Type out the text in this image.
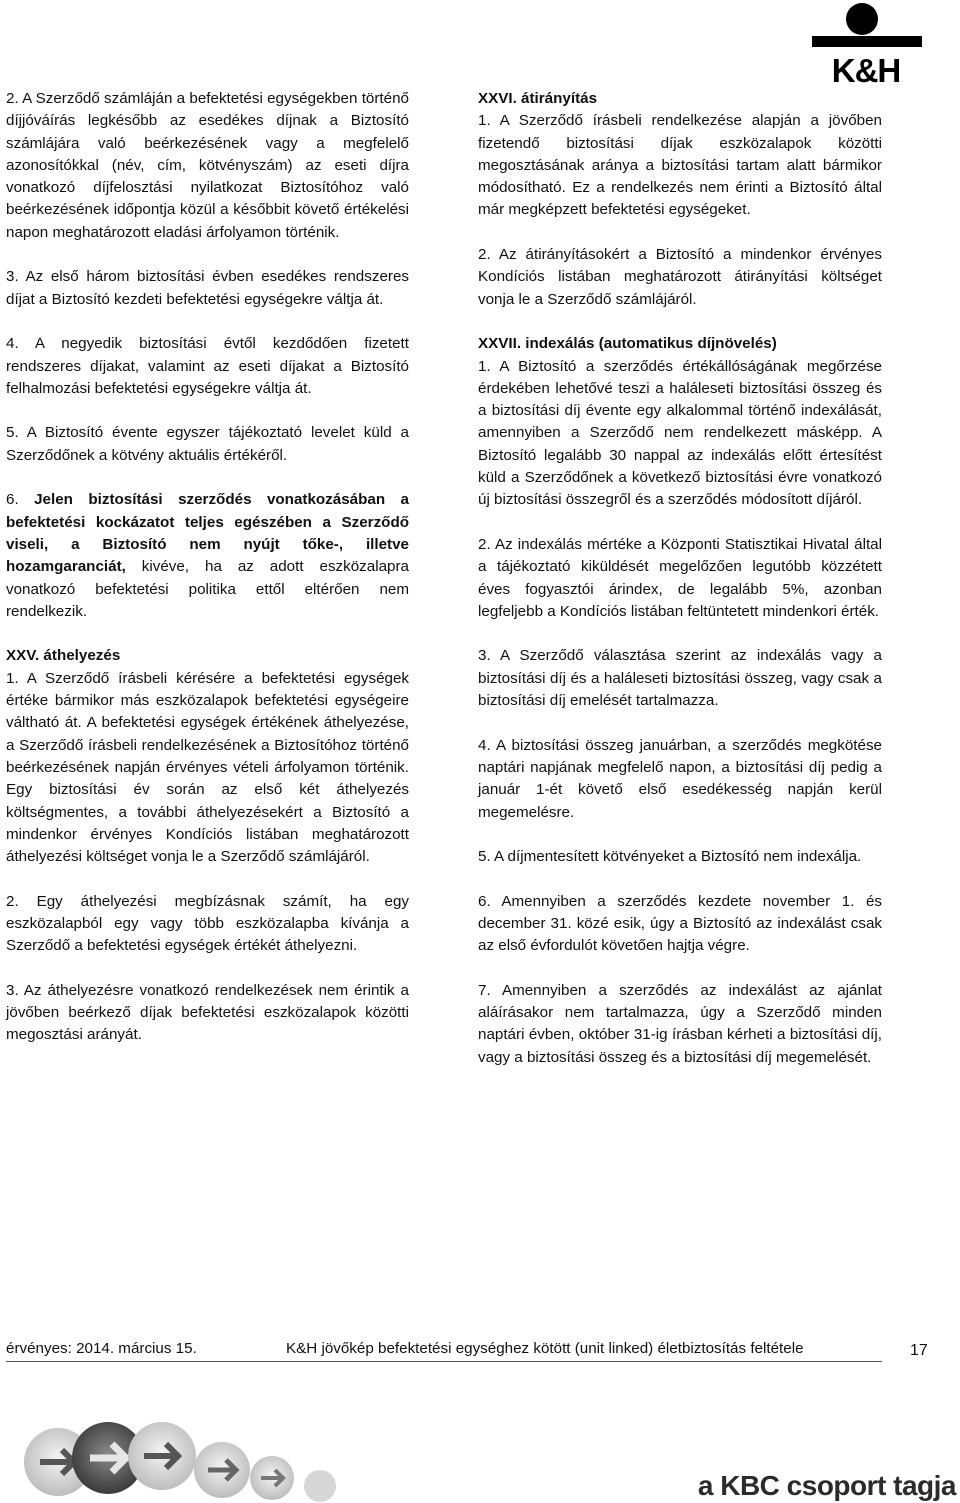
K&H

2. A Szerződő számláján a befektetési egységekben történő díjjóváírás legkésőbb az esedékes díjnak a Biztosító számlájára való beérkezésének vagy a megfelelő azonosítókkal (név, cím, kötvényszám) az eseti díjra vonatkozó díjfelosztási nyilatkozat Biztosítóhoz való beérkezésének időpontja közül a későbbit követő értékelési napon meghatározott eladási árfolyamon történik.

3. Az első három biztosítási évben esedékes rendszeres díjat a Biztosító kezdeti befektetési egységekre váltja át.

4. A negyedik biztosítási évtől kezdődően fizetett rendszeres díjakat, valamint az eseti díjakat a Biztosító felhalmozási befektetési egységekre váltja át.

5. A Biztosító évente egyszer tájékoztató levelet küld a Szerződőnek a kötvény aktuális értékéről.

6. Jelen biztosítási szerződés vonatkozásában a befektetési kockázatot teljes egészében a Szerződő viseli, a Biztosító nem nyújt tőke-, illetve hozamgaranciát, kivéve, ha az adott eszközalapra vonatkozó befektetési politika ettől eltérően nem rendelkezik.

XXV. áthelyezés

1. A Szerződő írásbeli kérésére a befektetési egységek értéke bármikor más eszközalapok befektetési egységeire váltható át. A befektetési egységek értékének áthelyezése, a Szerződő írásbeli rendelkezésének a Biztosítóhoz történő beérkezésének napján érvényes vételi árfolyamon történik. Egy biztosítási év során az első két áthelyezés költségmentes, a további áthelyezésekért a Biztosító a mindenkor érvényes Kondíciós listában meghatározott áthelyezési költséget vonja le a Szerződő számlájáról.

2. Egy áthelyezési megbízásnak számít, ha egy eszközalapból egy vagy több eszközalapba kívánja a Szerződő a befektetési egységek értékét áthelyezni.

3. Az áthelyezésre vonatkozó rendelkezések nem érintik a jövőben beérkező díjak befektetési eszközalapok közötti megosztási arányát.

XXVI. átirányítás

1. A Szerződő írásbeli rendelkezése alapján a jövőben fizetendő biztosítási díjak eszközalapok közötti megosztásának aránya a biztosítási tartam alatt bármikor módosítható. Ez a rendelkezés nem érinti a Biztosító által már megképzett befektetési egységeket.

2. Az átirányításokért a Biztosító a mindenkor érvényes Kondíciós listában meghatározott átirányítási költséget vonja le a Szerződő számlájáról.

XXVII. indexálás (automatikus díjnövelés)

1. A Biztosító a szerződés értékállóságának megőrzése érdekében lehetővé teszi a haláleseti biztosítási összeg és a biztosítási díj évente egy alkalommal történő indexálását, amennyiben a Szerződő nem rendelkezett másképp. A Biztosító legalább 30 nappal az indexálás előtt értesítést küld a Szerződőnek a következő biztosítási évre vonatkozó új biztosítási összegről és a szerződés módosított díjáról.

2. Az indexálás mértéke a Központi Statisztikai Hivatal által a tájékoztató kiküldését megelőzően legutóbb közzétett éves fogyasztói árindex, de legalább 5%, azonban legfeljebb a Kondíciós listában feltüntetett mindenkori érték.

3. A Szerződő választása szerint az indexálás vagy a biztosítási díj és a haláleseti biztosítási összeg, vagy csak a biztosítási díj emelését tartalmazza.

4. A biztosítási összeg januárban, a szerződés megkötése naptári napjának megfelelő napon, a biztosítási díj pedig a január 1-ét követő első esedékesség napján kerül megemelésre.

5. A díjmentesített kötvényeket a Biztosító nem indexálja.

6. Amennyiben a szerződés kezdete november 1. és december 31. közé esik, úgy a Biztosító az indexálást csak az első évfordulót követően hajtja végre.

7. Amennyiben a szerződés az indexálást az ajánlat aláírásakor nem tartalmazza, úgy a Szerződő minden naptári évben, október 31-ig írásban kérheti a biztosítási díj, vagy a biztosítási összeg és a biztosítási díj megemelését.

érvényes: 2014. március 15.	K&H jövőkép befektetési egységhez kötött (unit linked) életbiztosítás feltétele	17
a KBC csoport tagja
